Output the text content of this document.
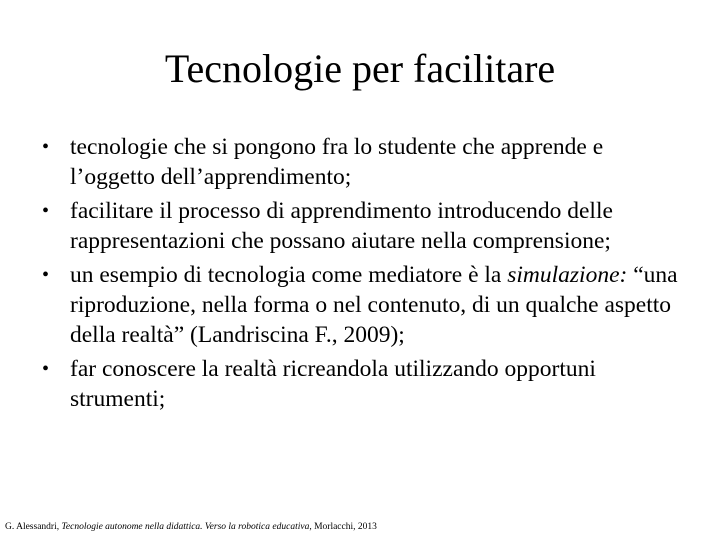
Tecnologie per facilitare
• tecnologie che si pongono fra lo studente che apprende e l’oggetto dell’apprendimento;
• facilitare il processo di apprendimento introducendo delle rappresentazioni che possano aiutare nella comprensione;
• un esempio di tecnologia come mediatore è la simulazione: “una riproduzione, nella forma o nel contenuto, di un qualche aspetto della realtà” (Landriscina F., 2009);
• far conoscere la realtà ricreandola utilizzando opportuni strumenti;
G. Alessandri, Tecnologie autonome nella didattica. Verso la robotica educativa, Morlacchi, 2013
